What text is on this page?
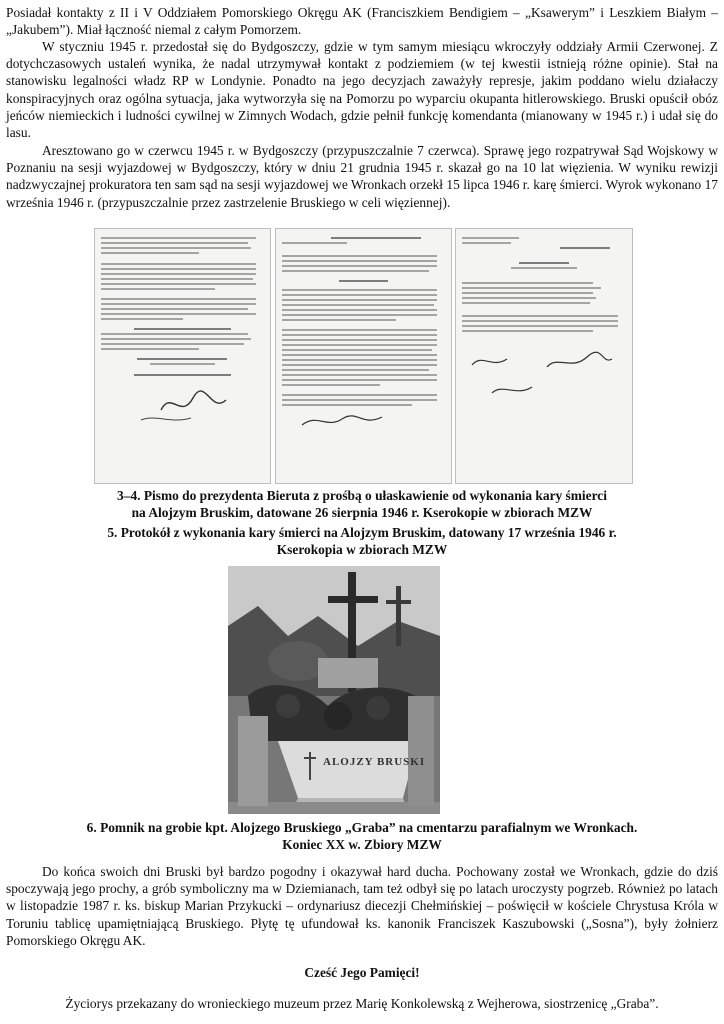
Posiadał kontakty z II i V Oddziałem Pomorskiego Okręgu AK (Franciszkiem Bendigiem – „Ksawerym” i Leszkiem Białym – „Jakubem”). Miał łączność niemal z całym Pomorzem.

W styczniu 1945 r. przedostał się do Bydgoszczy, gdzie w tym samym miesiącu wkroczyły oddziały Armii Czerwonej. Z dotychczasowych ustaleń wynika, że nadal utrzymywał kontakt z podziemiem (w tej kwestii istnieją różne opinie). Stał na stanowisku legalności władz RP w Londynie. Ponadto na jego decyzjach zaważyły represje, jakim poddano wielu działaczy konspiracyjnych oraz ogólna sytuacja, jaka wytworzyła się na Pomorzu po wyparciu okupanta hitlerowskiego. Bruski opuścił obóz jeńców niemieckich i ludności cywilnej w Zimnych Wodach, gdzie pełnił funkcję komendanta (mianowany w 1945 r.) i udał się do lasu.

Aresztowano go w czerwcu 1945 r. w Bydgoszczy (przypuszczalnie 7 czerwca). Sprawę jego rozpatrywał Sąd Wojskowy w Poznaniu na sesji wyjazdowej w Bydgoszczy, który w dniu 21 grudnia 1945 r. skazał go na 10 lat więzienia. W wyniku rewizji nadzwyczajnej prokuratora ten sam sąd na sesji wyjazdowej we Wronkach orzekł 15 lipca 1946 r. karę śmierci. Wyrok wykonano 17 września 1946 r. (przypuszczalnie przez zastrzelenie Bruskiego w celi więziennej).

3–4. Pismo do prezydenta Bieruta z prośbą o ułaskawienie od wykonania kary śmierci
na Alojzym Bruskim, datowane 26 sierpnia 1946 r. Kserokopie w zbiorach MZW
5. Protokół z wykonania kary śmierci na Alojzym Bruskim, datowany 17 września 1946 r.
Kserokopia w zbiorach MZW
ALOJZY BRUSKI
6. Pomnik na grobie kpt. Alojzego Bruskiego „Graba” na cmentarzu parafialnym we Wronkach.
Koniec XX w. Zbiory MZW

Do końca swoich dni Bruski był bardzo pogodny i okazywał hard ducha. Pochowany został we Wronkach, gdzie do dziś spoczywają jego prochy, a grób symboliczny ma w Dziemianach, tam też odbył się po latach uroczysty pogrzeb. Również po latach w listopadzie 1987 r. ks. biskup Marian Przykucki – ordynariusz diecezji Chełmińskiej – poświęcił w kościele Chrystusa Króla w Toruniu tablicę upamiętniającą Bruskiego. Płytę tę ufundował ks. kanonik Franciszek Kaszubowski („Sosna”), były żołnierz Pomorskiego Okręgu AK.

Cześć Jego Pamięci!
Życiorys przekazany do wronieckiego muzeum przez Marię Konkolewską z Wejherowa, siostrzenicę „Graba”.
